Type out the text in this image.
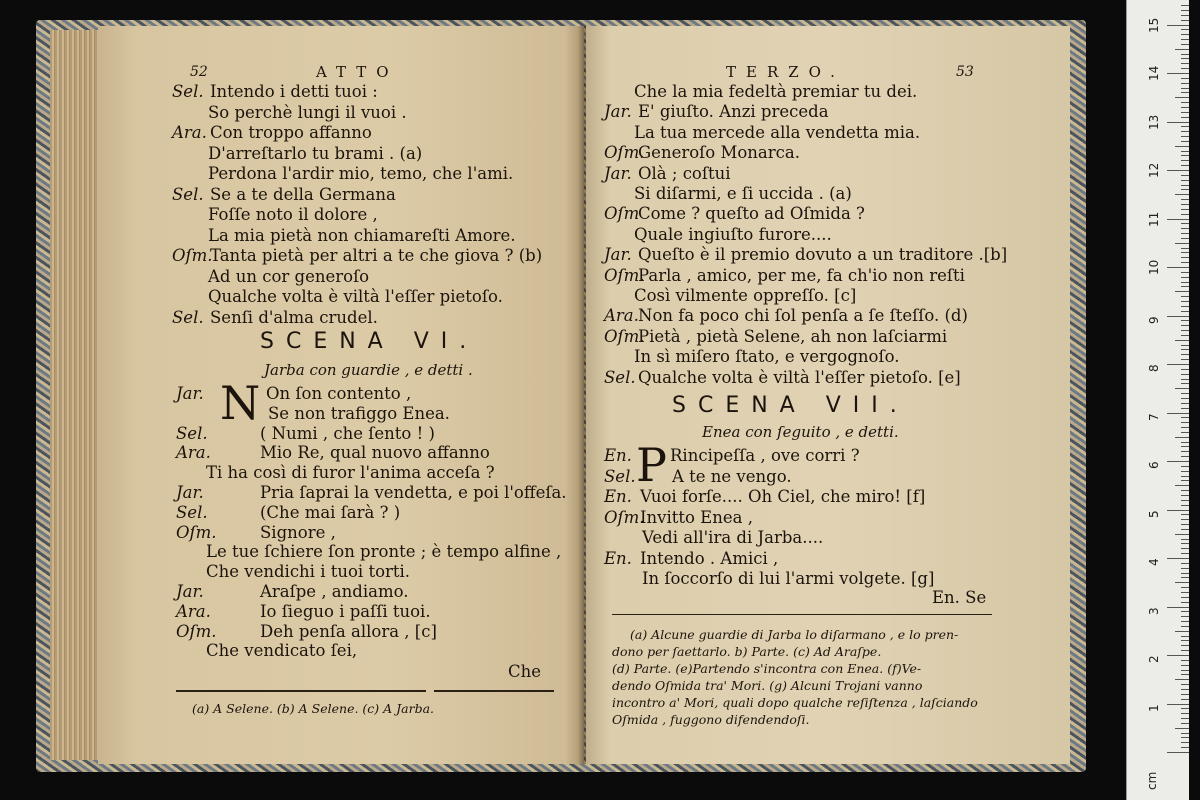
52	ATTO
Sel. Intendo i detti tuoi :
So perchè lungi il vuoi .
Ara. Con troppo affanno
D'arreſtarlo tu brami . (a)
Perdona l'ardir mio, temo, che l'ami.
Sel. Se a te della Germana
Foſſe noto il dolore ,
La mia pietà non chiamareſti Amore.
Oſm.
Tanta pietà per altri a te che giova ? (b)
Ad un cor generoſo
Qualche volta è viltà l'eſſer pietoſo.
Sel. Senſi d'alma crudel.
SCENA VI.
Jarba con guardie , e detti .
N
Jar.	On ſon contento ,
Se non trafiggo Enea.
Sel.	( Numi , che ſento ! )
Ara.	Mio Re, qual nuovo affanno
Ti ha così di furor l'anima acceſa ?
Jar.	Pria ſaprai la vendetta, e poi l'offeſa.
Sel.	(Che mai ſarà ? )
Oſm.	Signore ,
Le tue ſchiere ſon pronte ; è tempo alfine ,
Che vendichi i tuoi torti.
Jar.	Araſpe , andiamo.
Ara.	Io ſieguo i paſſi tuoi.
Oſm.	Deh penſa allora , [c]
Che vendicato ſei,
Che
(a) A Selene. (b) A Selene. (c) A Jarba.
TERZO.	53
Che la mia fedeltà premiar tu dei.
Jar. E' giuſto. Anzi preceda
La tua mercede alla vendetta mia.
Oſm.
Generoſo Monarca.
Jar. Olà ; coſtui
Si diſarmi, e ſi uccida . (a)
Oſm
Come ? queſto ad Oſmida ?
Quale ingiuſto furore....
Jar. Queſto è il premio dovuto a un traditore .[b]
Oſm.
Parla , amico, per me, fa ch'io non reſti
Così vilmente oppreſſo. [c]
Ara. Non fa poco chi ſol penſa a ſe ſteſſo. (d)
Oſm.
Pietà , pietà Selene, ah non laſciarmi
In sì miſero ſtato, e vergognoſo.
Sel. Qualche volta è viltà l'eſſer pietoſo. [e]
SCENA VII.
Enea con ſeguito , e detti.
P
En. Rincipeſſa , ove corri ?
Sel. A te ne vengo.
En. Vuoi forſe.... Oh Ciel, che miro! [f]
Oſm.
Invitto Enea ,
Vedi all'ira di Jarba....
En. Intendo . Amici ,
In ſoccorſo di lui l'armi volgete. [g]
En. Se
(a) Alcune guardie di Jarba lo diſarmano , e lo pren-
dono per ſaettarlo. b) Parte. (c) Ad Araſpe.
(d) Parte. (e)Partendo s'incontra con Enea. (f)Ve-
dendo Oſmida tra' Mori. (g) Alcuni Trojani vanno
incontro a' Mori, quali dopo qualche reſiſtenza , laſciando
Oſmida , fuggono difendendoſi.
1
2
3
4
5
6
7
8
9
10
11
12
13
14
15
cm
